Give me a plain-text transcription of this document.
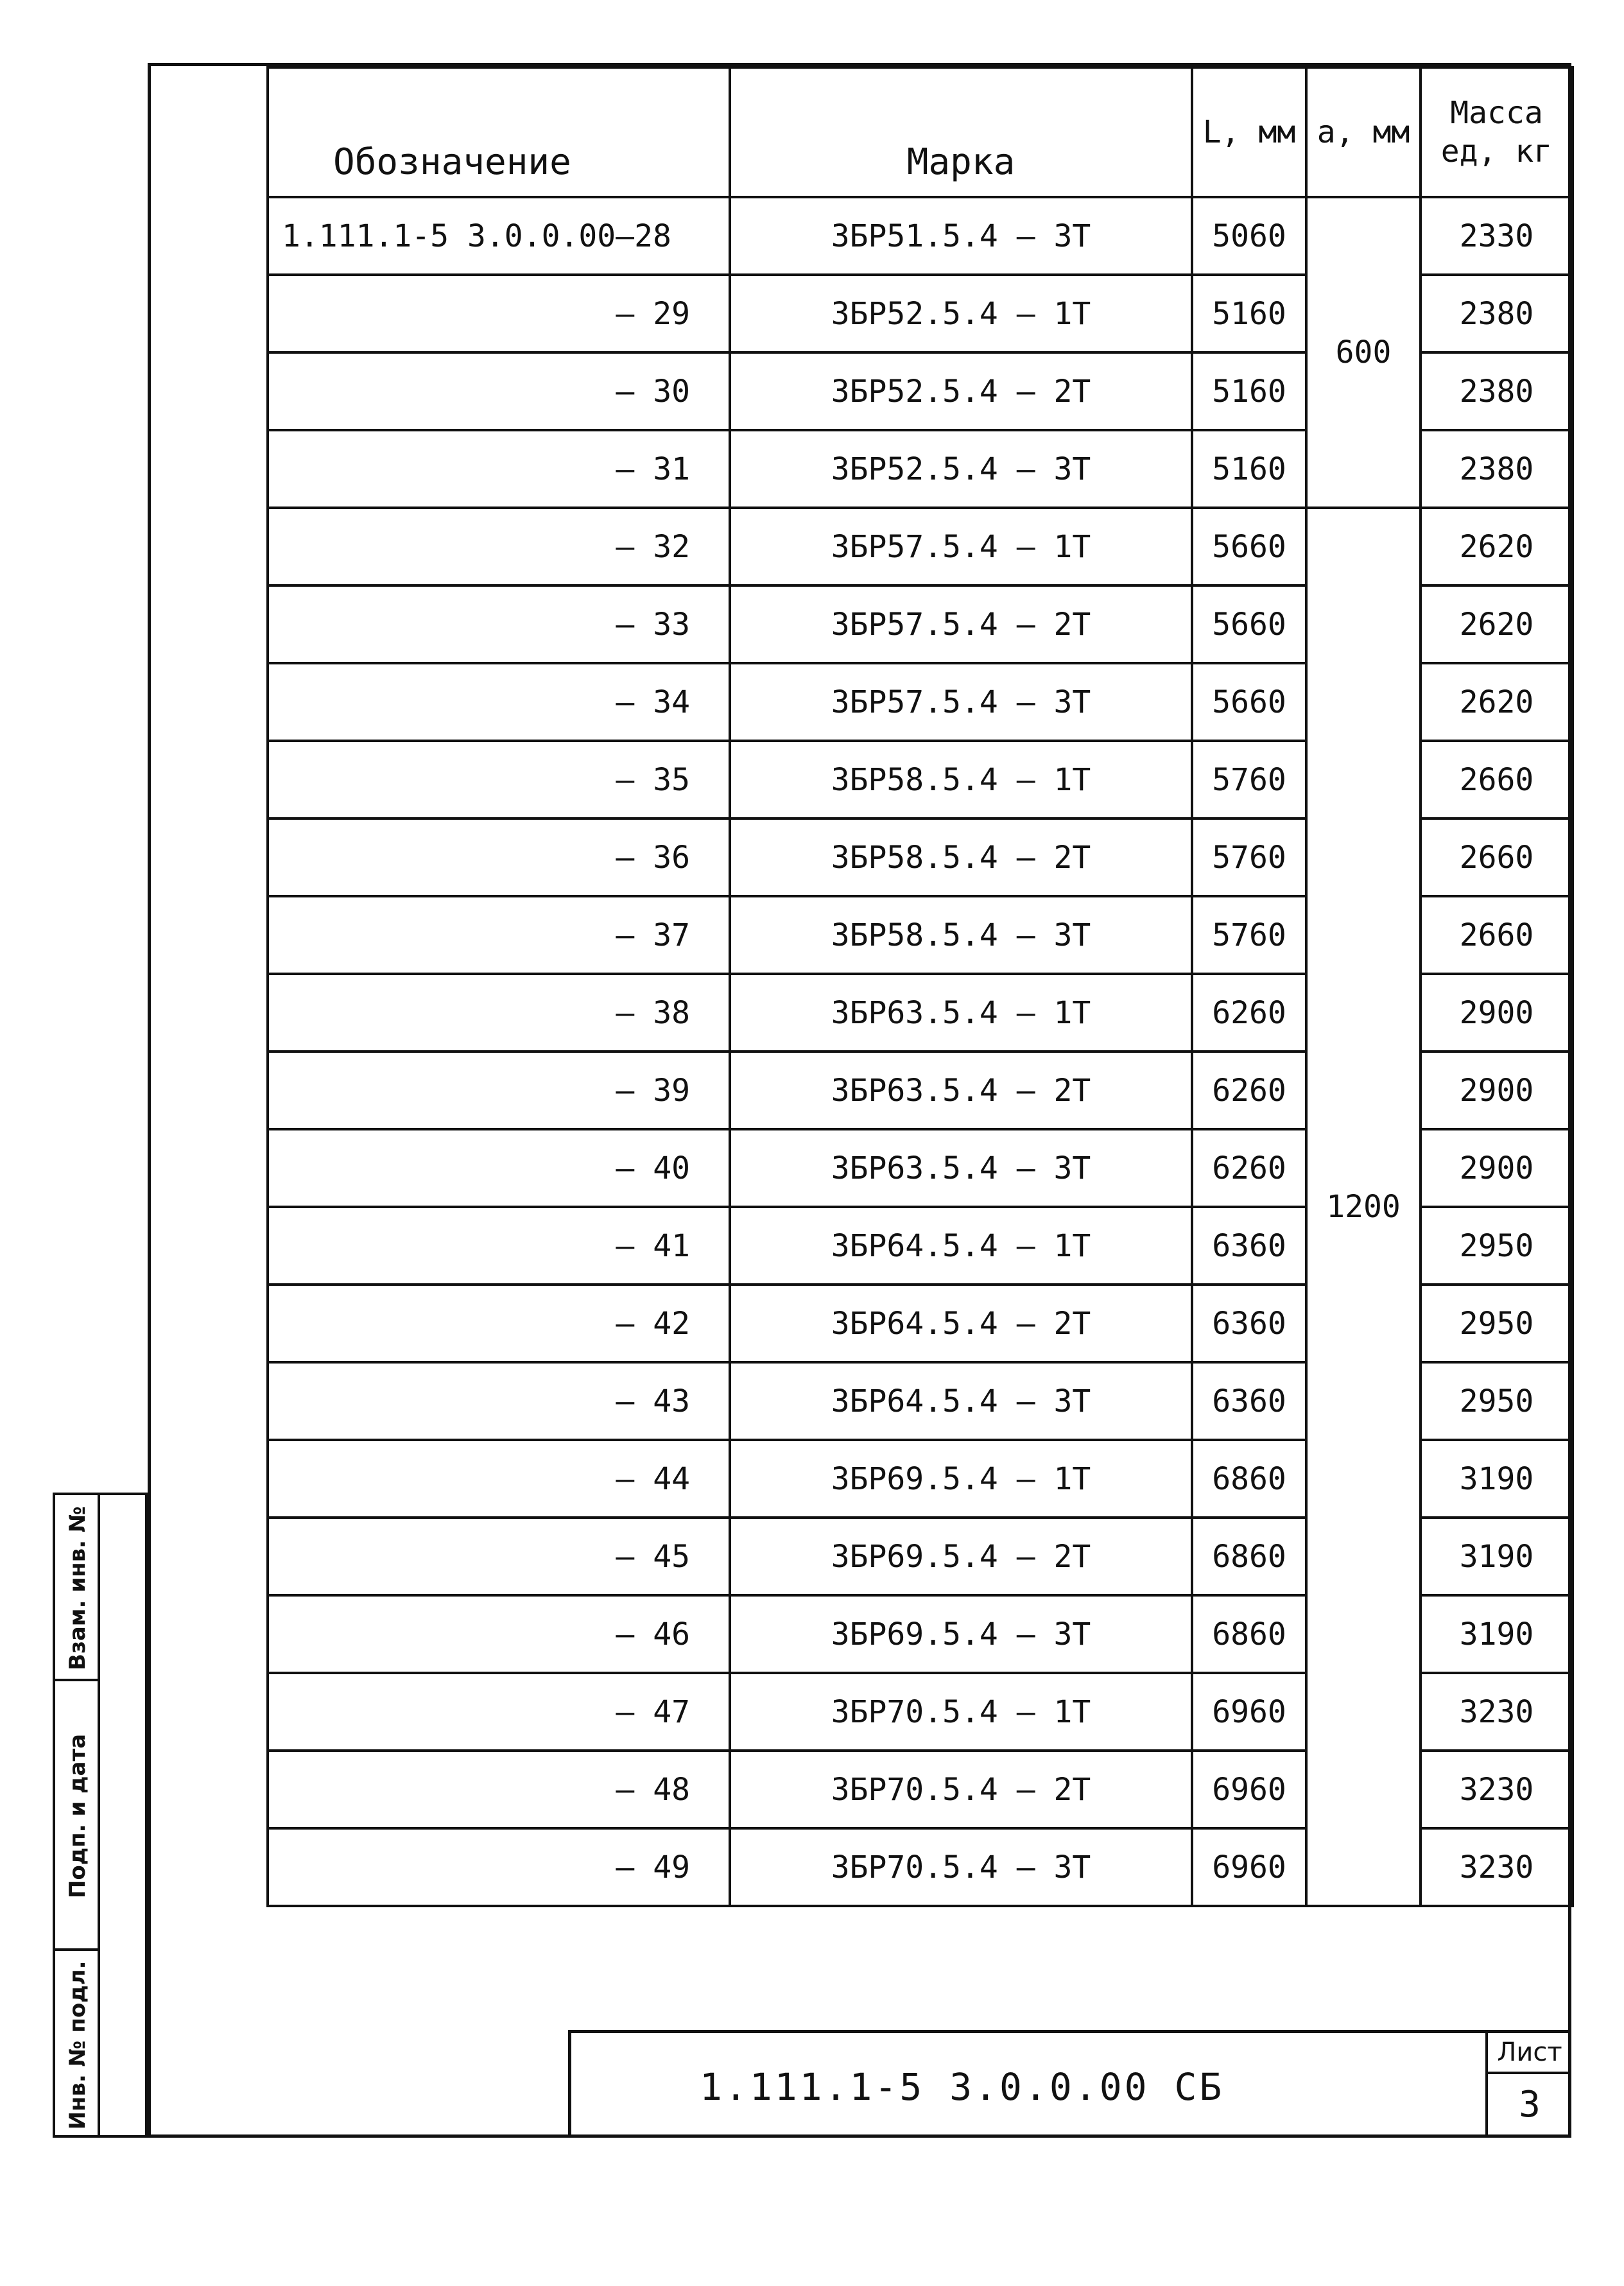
Обозначение	Марка	L, мм	a, мм	Масса ед, кг
1.111.1-5 3.0.0.00—28	3БР51.5.4 — 3Т	5060	600	2330
— 29	3БР52.5.4 — 1Т	5160		2380
— 30	3БР52.5.4 — 2Т	5160		2380
— 31	3БР52.5.4 — 3Т	5160		2380
— 32	3БР57.5.4 — 1Т	5660	1200	2620
— 33	3БР57.5.4 — 2Т	5660		2620
— 34	3БР57.5.4 — 3Т	5660		2620
— 35	3БР58.5.4 — 1Т	5760		2660
— 36	3БР58.5.4 — 2Т	5760		2660
— 37	3БР58.5.4 — 3Т	5760		2660
— 38	3БР63.5.4 — 1Т	6260		2900
— 39	3БР63.5.4 — 2Т	6260		2900
— 40	3БР63.5.4 — 3Т	6260		2900
— 41	3БР64.5.4 — 1Т	6360		2950
— 42	3БР64.5.4 — 2Т	6360		2950
— 43	3БР64.5.4 — 3Т	6360		2950
— 44	3БР69.5.4 — 1Т	6860		3190
— 45	3БР69.5.4 — 2Т	6860		3190
— 46	3БР69.5.4 — 3Т	6860		3190
— 47	3БР70.5.4 — 1Т	6960		3230
— 48	3БР70.5.4 — 2Т	6960		3230
— 49	3БР70.5.4 — 3Т	6960		3230
Взам. инв. №
Подп. и дата
Инв. № подл.	1.111.1-5 3.0.0.00 СБ
Лист
3
